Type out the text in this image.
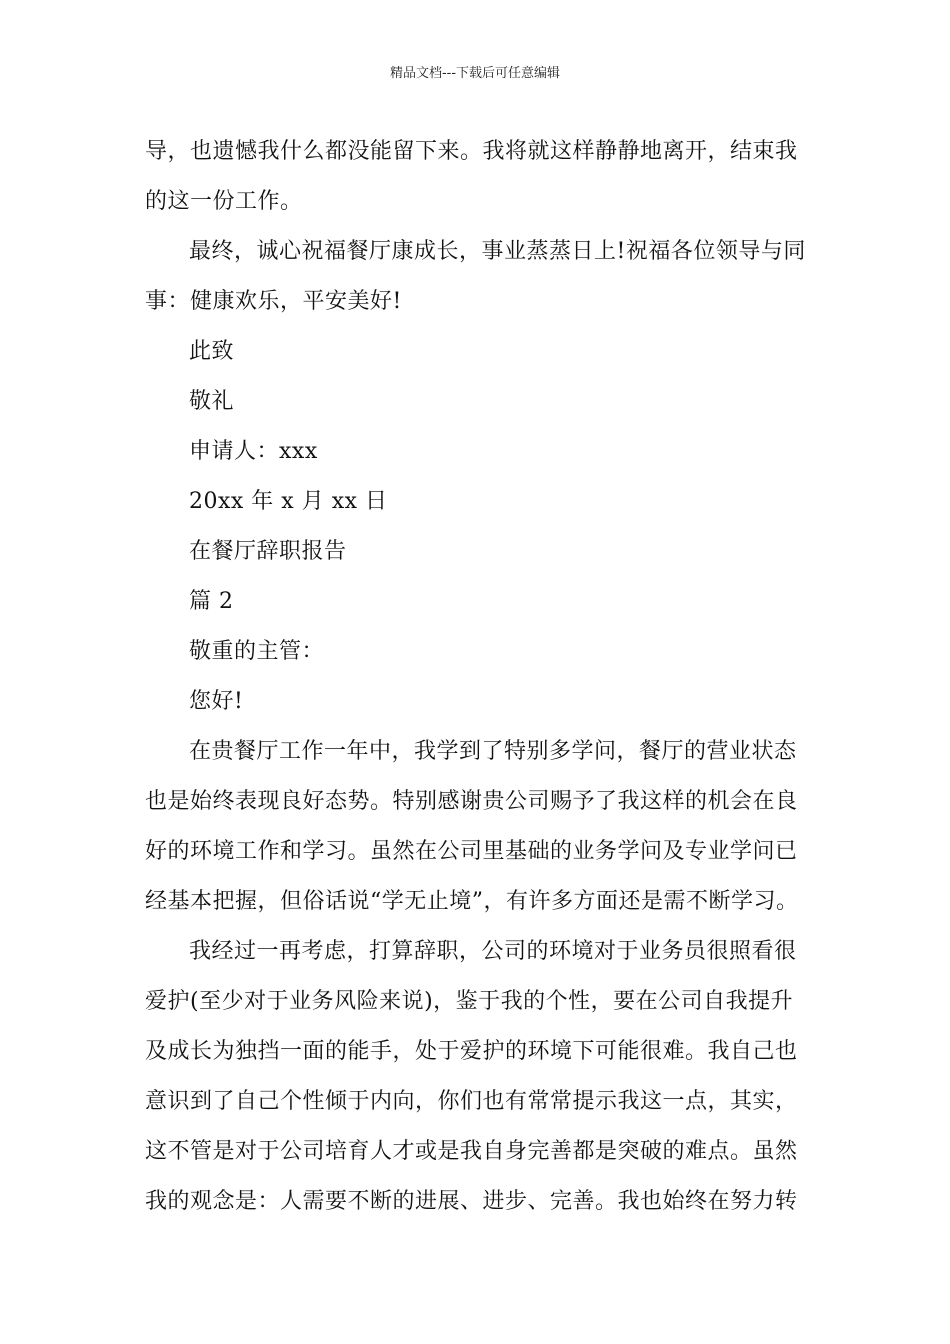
精品文档---下载后可任意编辑
导，也遗憾我什么都没能留下来。我将就这样静静地离开，结束我
的这一份工作。
最终，诚心祝福餐厅康成长，事业蒸蒸日上!祝福各位领导与同
事：健康欢乐，平安美好!
此致
敬礼
申请人：xxx
20xx 年 x 月 xx 日
在餐厅辞职报告
篇 2
敬重的主管：
您好!
在贵餐厅工作一年中，我学到了特别多学问，餐厅的营业状态
也是始终表现良好态势。特别感谢贵公司赐予了我这样的机会在良
好的环境工作和学习。虽然在公司里基础的业务学问及专业学问已
经基本把握，但俗话说“学无止境”，有许多方面还是需不断学习。
我经过一再考虑，打算辞职，公司的环境对于业务员很照看很
爱护(至少对于业务风险来说)，鉴于我的个性，要在公司自我提升
及成长为独挡一面的能手，处于爱护的环境下可能很难。我自己也
意识到了自己个性倾于内向，你们也有常常提示我这一点，其实，
这不管是对于公司培育人才或是我自身完善都是突破的难点。虽然
我的观念是：人需要不断的进展、进步、完善。我也始终在努力转
